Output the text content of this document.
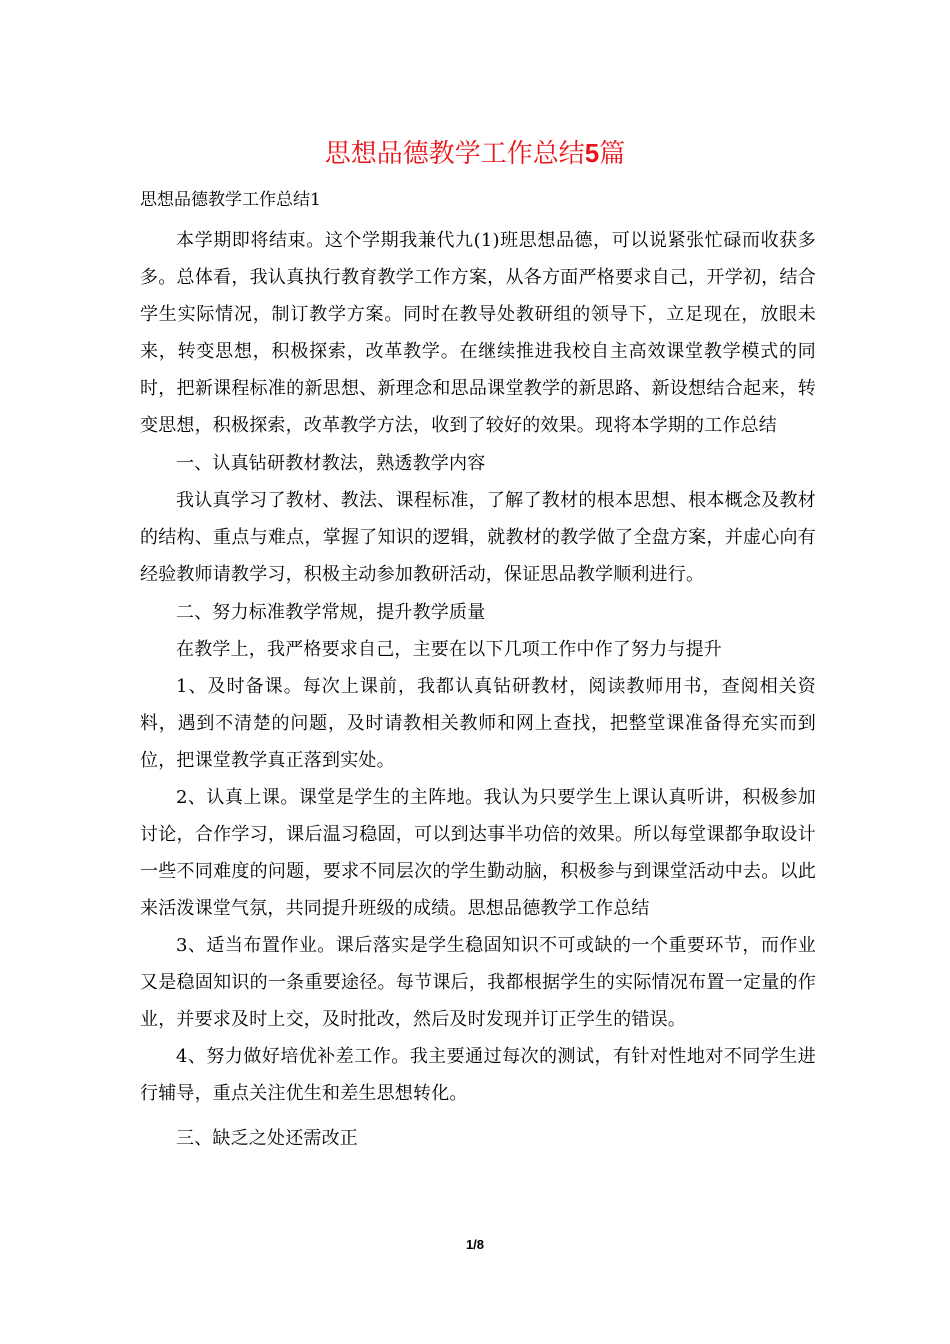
思想品德教学工作总结5篇
思想品德教学工作总结1

本学期即将结束。这个学期我兼代九(1)班思想品德，可以说紧张忙碌而收获多多。总体看，我认真执行教育教学工作方案，从各方面严格要求自己，开学初，结合学生实际情况，制订教学方案。同时在教导处教研组的领导下，立足现在，放眼未来，转变思想，积极探索，改革教学。在继续推进我校自主高效课堂教学模式的同时，把新课程标准的新思想、新理念和思品课堂教学的新思路、新设想结合起来，转变思想，积极探索，改革教学方法，收到了较好的效果。现将本学期的工作总结

一、认真钻研教材教法，熟透教学内容

我认真学习了教材、教法、课程标准，了解了教材的根本思想、根本概念及教材的结构、重点与难点，掌握了知识的逻辑，就教材的教学做了全盘方案，并虚心向有经验教师请教学习，积极主动参加教研活动，保证思品教学顺利进行。

二、努力标准教学常规，提升教学质量

在教学上，我严格要求自己，主要在以下几项工作中作了努力与提升

1、及时备课。每次上课前，我都认真钻研教材，阅读教师用书，查阅相关资料，遇到不清楚的问题，及时请教相关教师和网上查找，把整堂课准备得充实而到位，把课堂教学真正落到实处。

2、认真上课。课堂是学生的主阵地。我认为只要学生上课认真听讲，积极参加讨论，合作学习，课后温习稳固，可以到达事半功倍的效果。所以每堂课都争取设计一些不同难度的问题，要求不同层次的学生勤动脑，积极参与到课堂活动中去。以此来活泼课堂气氛，共同提升班级的成绩。思想品德教学工作总结

3、适当布置作业。课后落实是学生稳固知识不可或缺的一个重要环节，而作业又是稳固知识的一条重要途径。每节课后，我都根据学生的实际情况布置一定量的作业，并要求及时上交，及时批改，然后及时发现并订正学生的错误。

4、努力做好培优补差工作。我主要通过每次的测试，有针对性地对不同学生进行辅导，重点关注优生和差生思想转化。

三、缺乏之处还需改正

1/8
